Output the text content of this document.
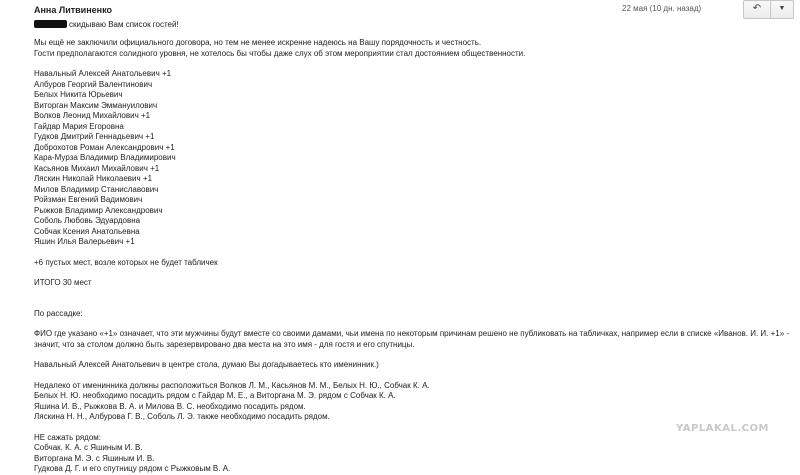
Анна Литвиненко	22 мая (10 дн. назад)	↶ ▼
скидываю Вам список гостей!

Мы ещё не заключили официального договора, но тем не менее искренне надеюсь на Вашу порядочность и честность.

Гости предполагаются солидного уровня, не хотелось бы чтобы даже слух об этом мероприятии стал достоянием общественности.

Навальный Алексей Анатольевич +1

Албуров Георгий Валентинович

Белых Никита Юрьевич

Виторган Максим Эммануилович

Волков Леонид Михайлович +1

Гайдар Мария Егоровна

Гудков Дмитрий Геннадьевич +1

Доброхотов Роман Александрович +1

Кара-Мурза Владимир Владимирович

Касьянов Михаил Михайлович +1

Ляскин Николай Николаевич +1

Милов Владимир Станиславович

Ройзман Евгений Вадимович

Рыжков Владимир Александрович

Соболь Любовь Эдуардовна

Собчак Ксения Анатольевна

Яшин Илья Валерьевич +1

+6 пустых мест, возле которых не будет табличек

ИТОГО 30 мест

По рассадке:

ФИО где указано «+1» означает, что эти мужчины будут вместе со своими дамами, чьи имена по некоторым причинам решено не публиковать на табличках, например если в списке «Иванов. И. И. +1» -

значит, что за столом должно быть зарезервировано два места на это имя - для гостя и его спутницы.

Навальный Алексей Анатольевич в центре стола, думаю Вы догадываетесь кто именинник.)

Недалеко от именинника должны расположиться Волков Л. М., Касьянов М. М., Белых Н. Ю., Собчак К. А.

Белых Н. Ю. необходимо посадить рядом с Гайдар М. Е., а Виторгана М. Э. рядом с Собчак К. А.

Яшина И. В., Рыжкова В. А. и Милова В. С. необходимо посадить рядом.

Ляскина Н. Н., Албурова Г. В., Соболь Л. Э. также необходимо посадить рядом.

НЕ сажать рядом:

Собчак. К. А. с Яшиным И. В.

Виторгана М. Э. с Яшиным И. В.

Гудкова Д. Г. и его спутницу рядом с Рыжковым В. А.

YAPLAKAL.COM
